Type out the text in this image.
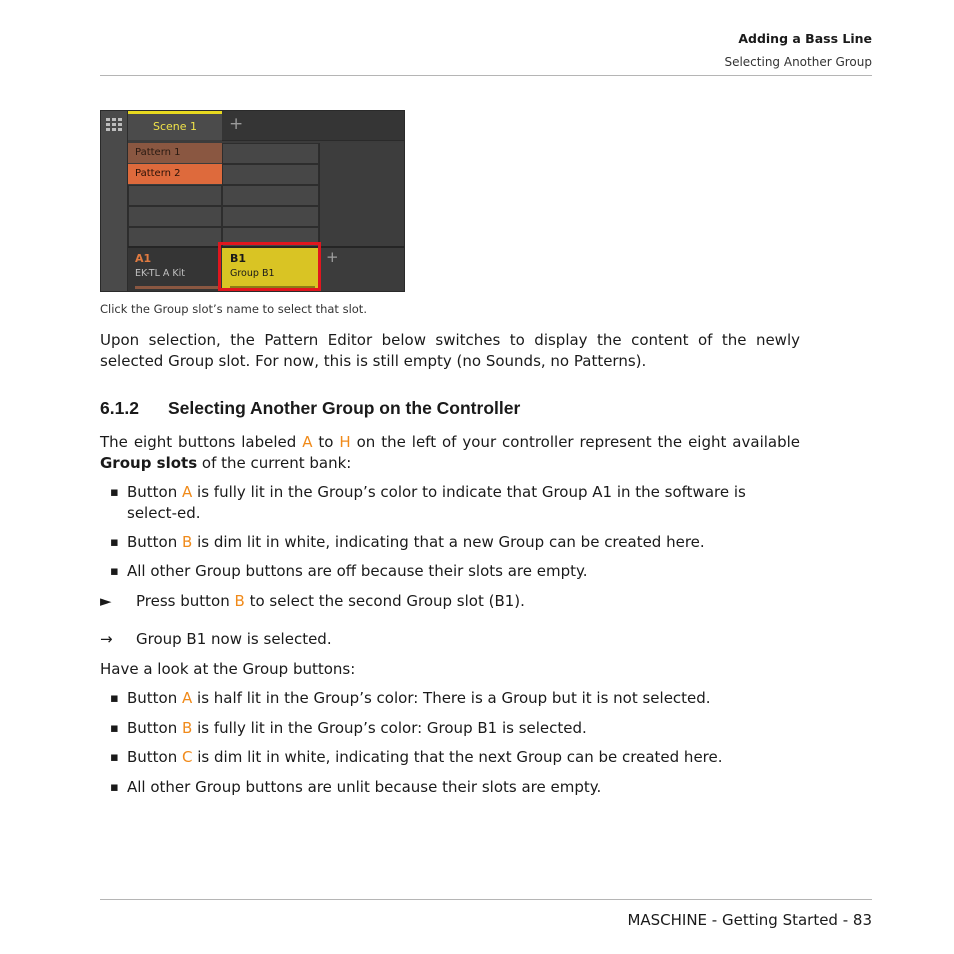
Adding a Bass Line
Selecting Another Group
Scene 1	+
Pattern 1
Pattern 2
A1
EK-TL A Kit
B1
Group B1
+
Click the Group slot’s name to select that slot.
Upon selection, the Pattern Editor below switches to display the content of the newly selected Group slot. For now, this is still empty (no Sounds, no Patterns).
6.1.2 Selecting Another Group on the Controller
The eight buttons labeled A to H on the left of your controller represent the eight available Group slots of the current bank:
▪ Button A is fully lit in the Group’s color to indicate that Group A1 in the software is select-ed.
▪ Button B is dim lit in white, indicating that a new Group can be created here.
▪ All other Group buttons are off because their slots are empty.
► Press button B to select the second Group slot (B1).
→ Group B1 now is selected.
Have a look at the Group buttons:
▪ Button A is half lit in the Group’s color: There is a Group but it is not selected.
▪ Button B is fully lit in the Group’s color: Group B1 is selected.
▪ Button C is dim lit in white, indicating that the next Group can be created here.
▪ All other Group buttons are unlit because their slots are empty.
MASCHINE - Getting Started - 83
